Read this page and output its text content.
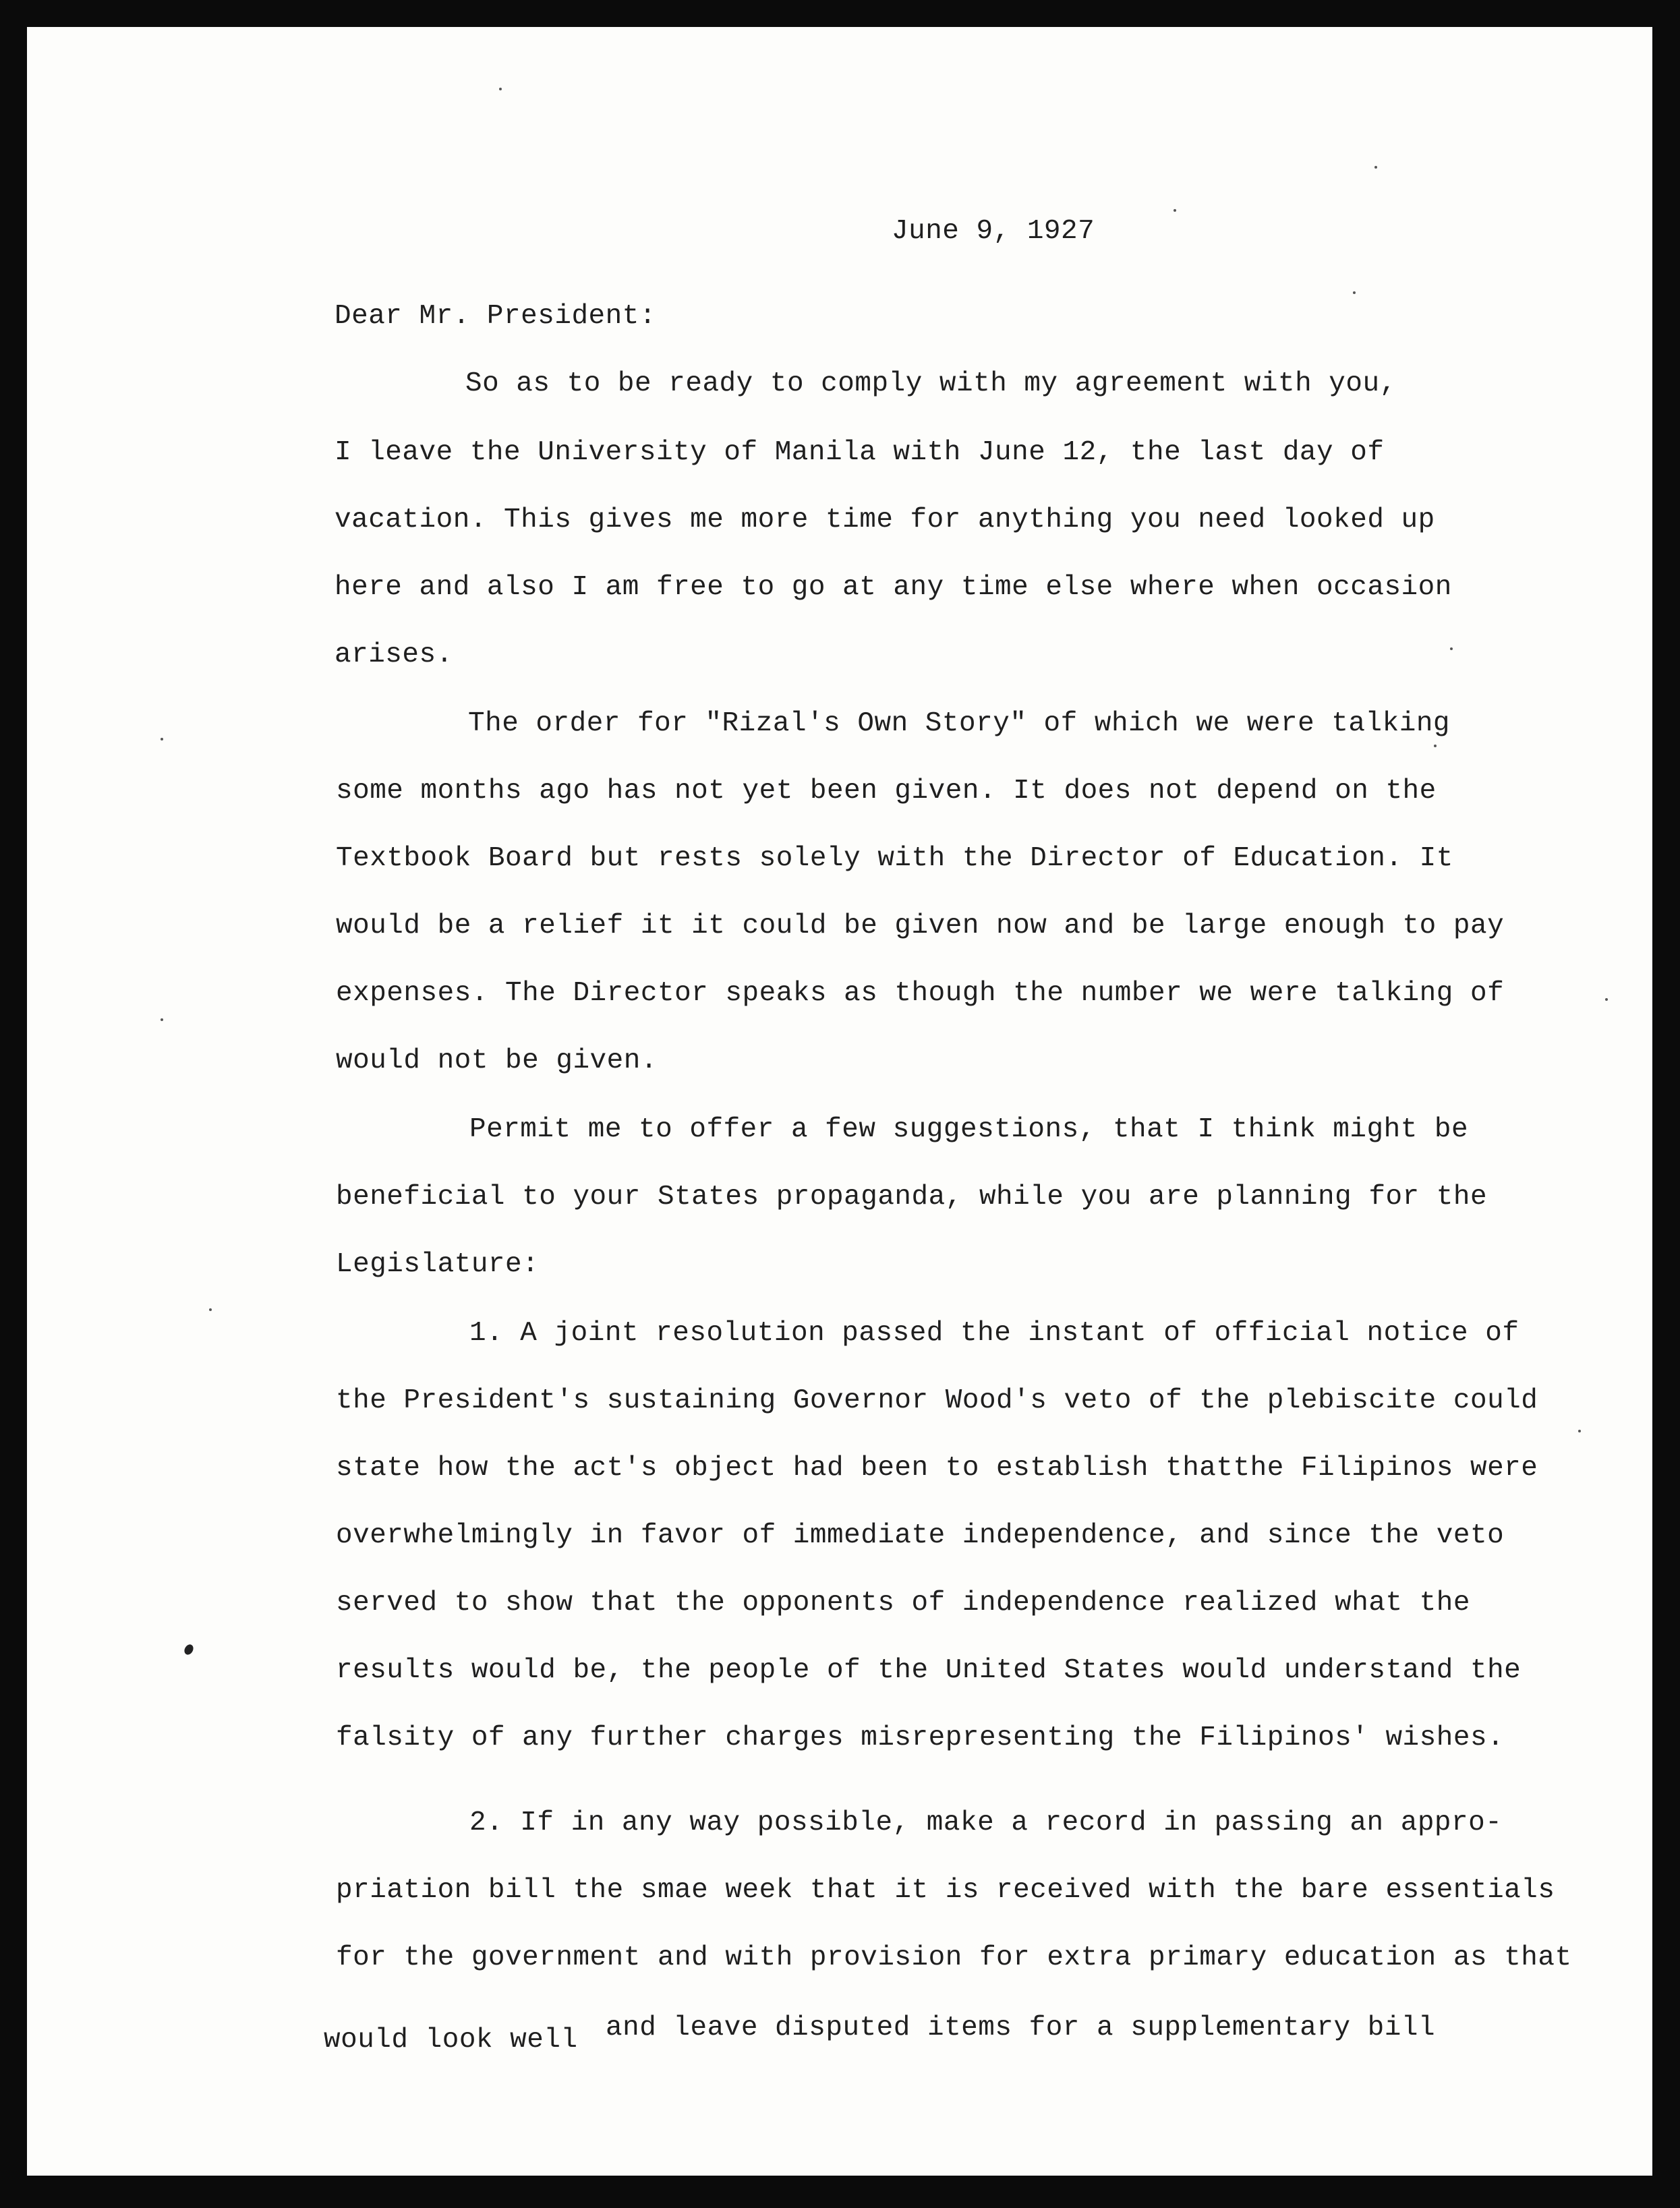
June 9, 1927
Dear Mr. President:
So as to be ready to comply with my agreement with you,
I leave the University of Manila with June 12, the last day of
vacation. This gives me more time for anything you need looked up
here and also I am free to go at any time else where when occasion
arises.
The order for "Rizal's Own Story" of which we were talking
some months ago has not yet been given. It does not depend on the
Textbook Board but rests solely with the Director of Education. It
would be a relief it it could be given now and be large enough to pay
expenses. The Director speaks as though the number we were talking of
would not be given.
Permit me to offer a few suggestions, that I think might be
beneficial to your States propaganda, while you are planning for the
Legislature:
1. A joint resolution passed the instant of official notice of
the President's sustaining Governor Wood's veto of the plebiscite could
state how the act's object had been to establish thatthe Filipinos were
overwhelmingly in favor of immediate independence, and since the veto
served to show that the opponents of independence realized what the
results would be, the people of the United States would understand the
falsity of any further charges misrepresenting the Filipinos' wishes.
2. If in any way possible, make a record in passing an appro-
priation bill the smae week that it is received with the bare essentials
for the government and with provision for extra primary education as that
would look well and leave disputed items for a supplementary bill
